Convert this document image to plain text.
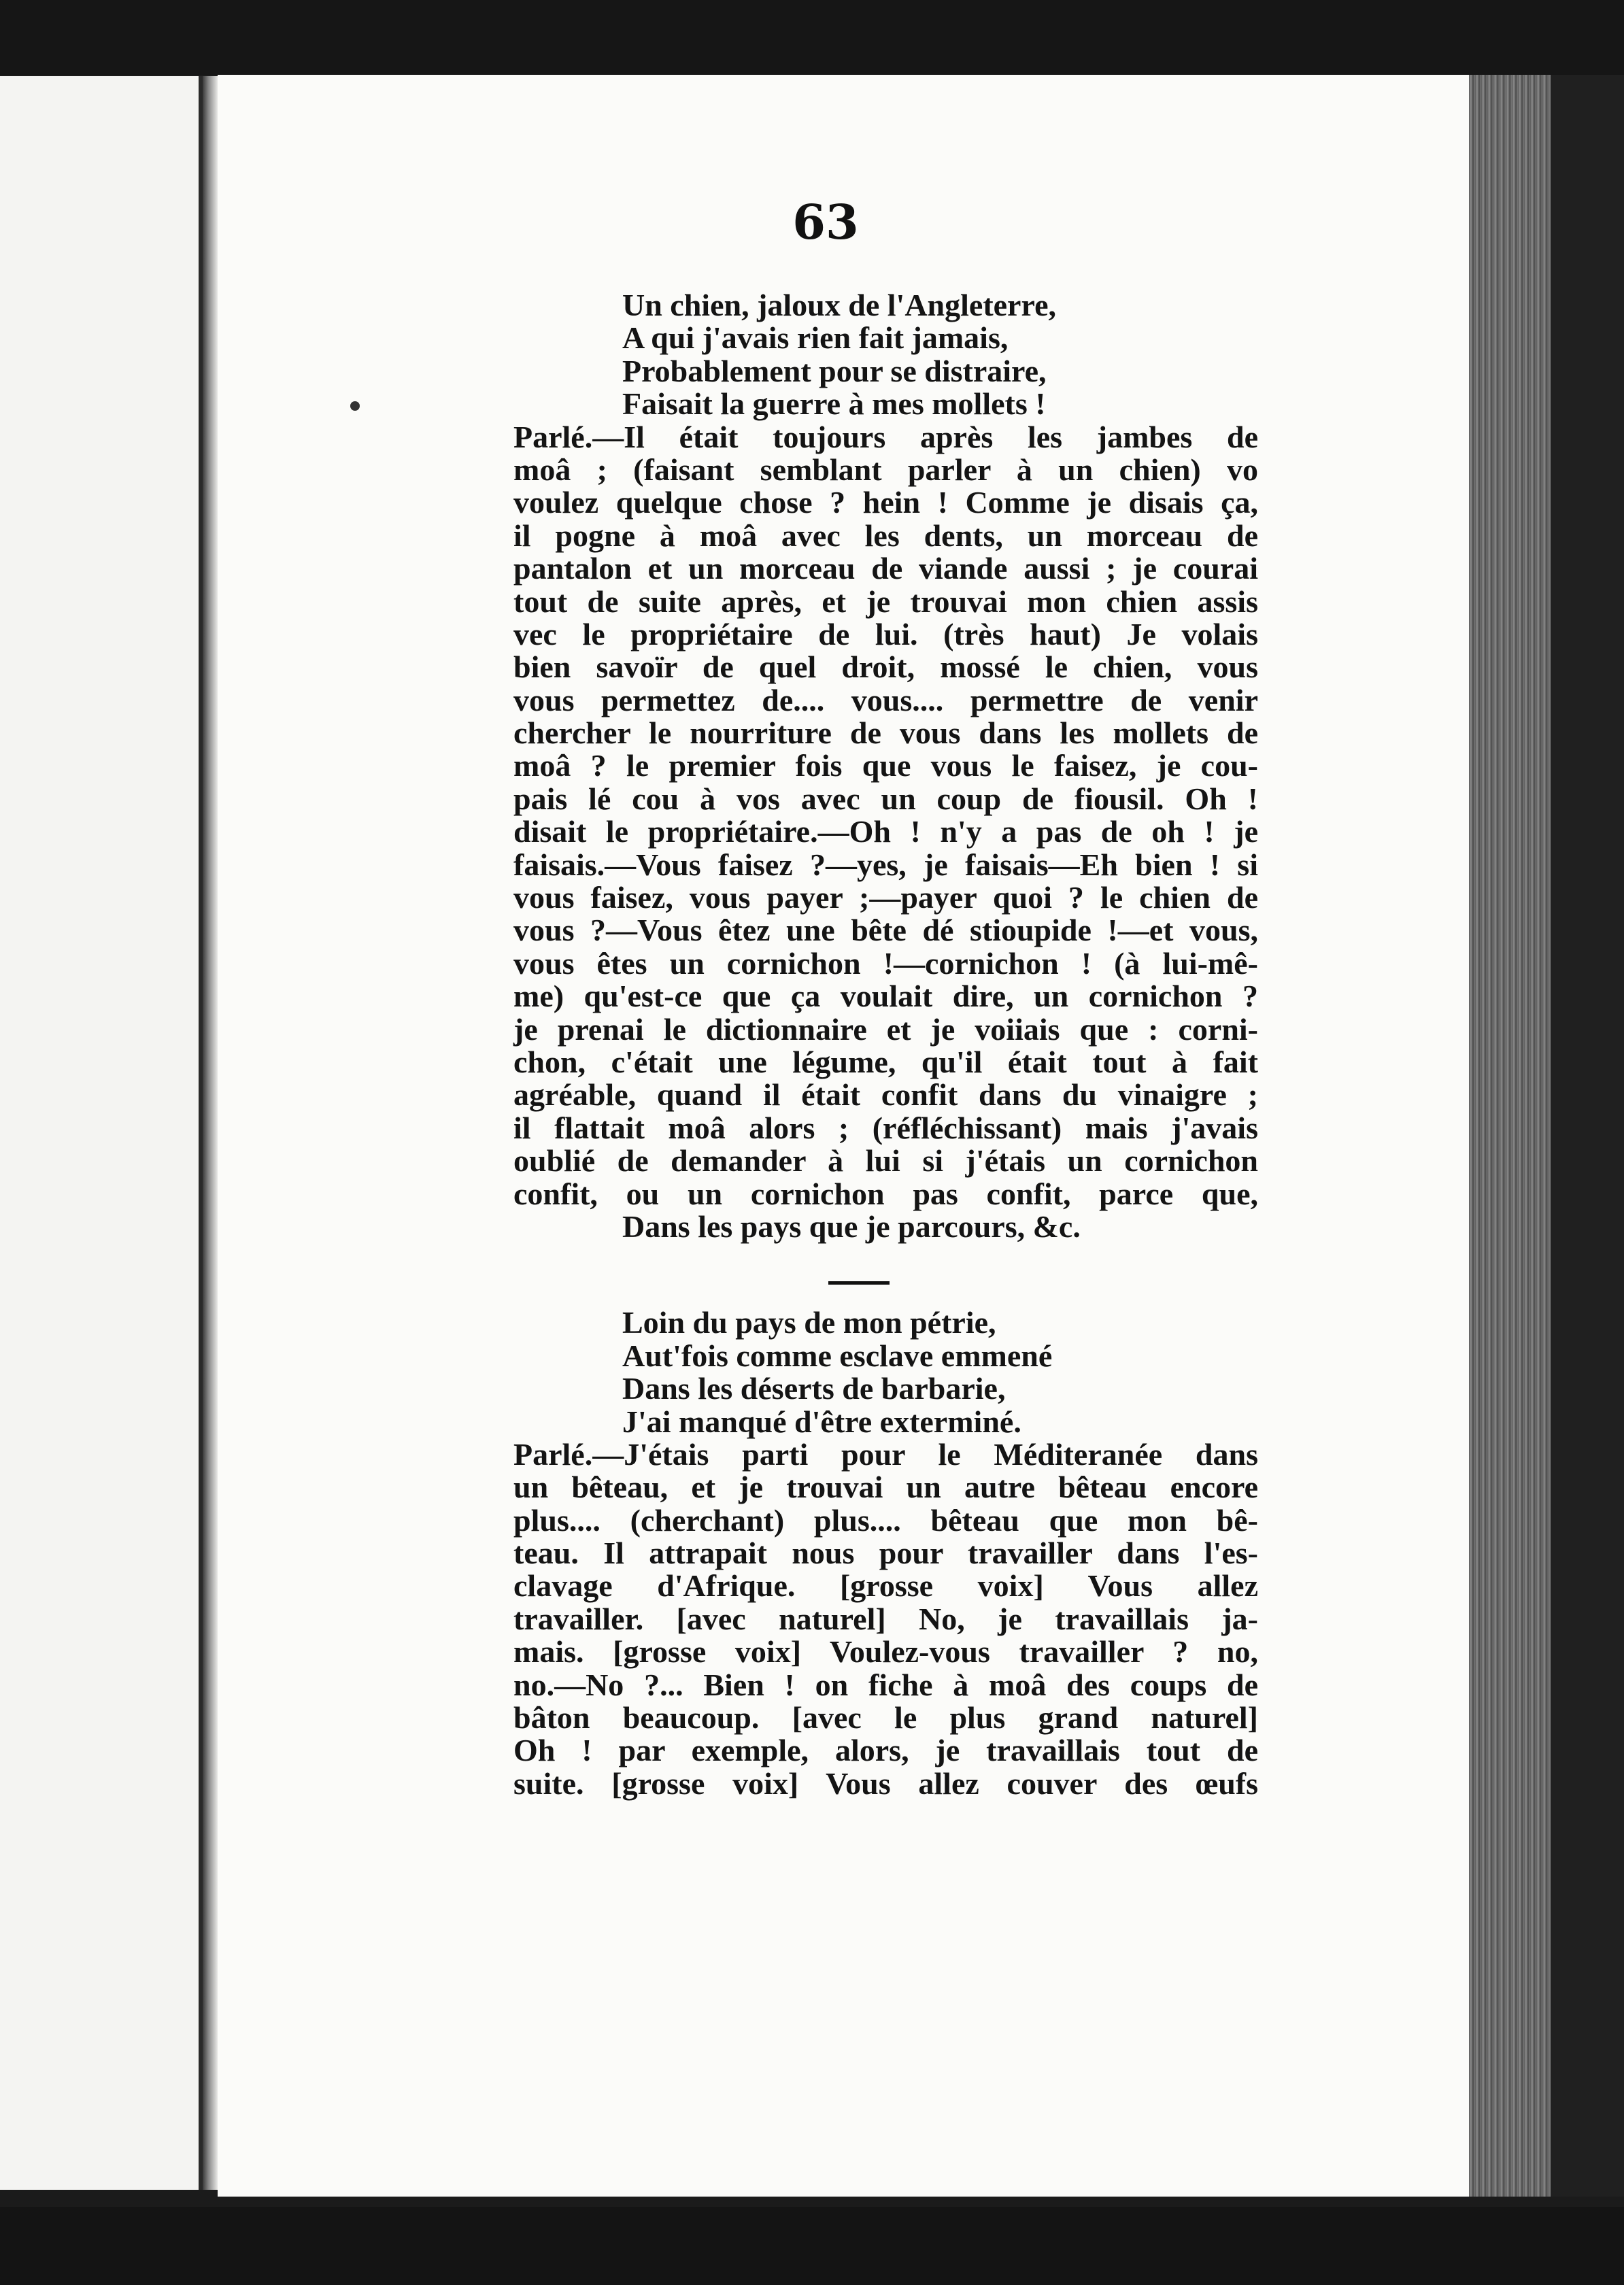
63
Un chien, jaloux de l'Angleterre,
A qui j'avais rien fait jamais,
Probablement pour se distraire,
Faisait la guerre à mes mollets !
Parlé.—Il était toujours après les jambes de
moâ ; (faisant semblant parler à un chien) vo
voulez quelque chose ? hein ! Comme je disais ça,
il pogne à moâ avec les dents, un morceau de
pantalon et un morceau de viande aussi ; je courai
tout de suite après, et je trouvai mon chien assis
vec le propriétaire de lui. (très haut) Je volais
bien savoïr de quel droit, mossé le chien, vous
vous permettez de.... vous.... permettre de venir
chercher le nourriture de vous dans les mollets de
moâ ? le premier fois que vous le faisez, je cou-
pais lé cou à vos avec un coup de fiousil. Oh !
disait le propriétaire.—Oh ! n'y a pas de oh ! je
faisais.—Vous faisez ?—yes, je faisais—Eh bien ! si
vous faisez, vous payer ;—payer quoi ? le chien de
vous ?—Vous êtez une bête dé stioupide !—et vous,
vous êtes un cornichon !—cornichon ! (à lui-mê-
me) qu'est-ce que ça voulait dire, un cornichon ?
je prenai le dictionnaire et je voiiais que : corni-
chon, c'était une légume, qu'il était tout à fait
agréable, quand il était confit dans du vinaigre ;
il flattait moâ alors ; (réfléchissant) mais j'avais
oublié de demander à lui si j'étais un cornichon
confit, ou un cornichon pas confit, parce que,
Dans les pays que je parcours, &c.
Loin du pays de mon pétrie,
Aut'fois comme esclave emmené
Dans les déserts de barbarie,
J'ai manqué d'être exterminé.
Parlé.—J'étais parti pour le Méditeranée dans
un bêteau, et je trouvai un autre bêteau encore
plus.... (cherchant) plus.... bêteau que mon bê-
teau. Il attrapait nous pour travailler dans l'es-
clavage d'Afrique. [grosse voix] Vous allez
travailler. [avec naturel] No, je travaillais ja-
mais. [grosse voix] Voulez-vous travailler ? no,
no.—No ?... Bien ! on fiche à moâ des coups de
bâton beaucoup. [avec le plus grand naturel]
Oh ! par exemple, alors, je travaillais tout de
suite. [grosse voix] Vous allez couver des œufs
